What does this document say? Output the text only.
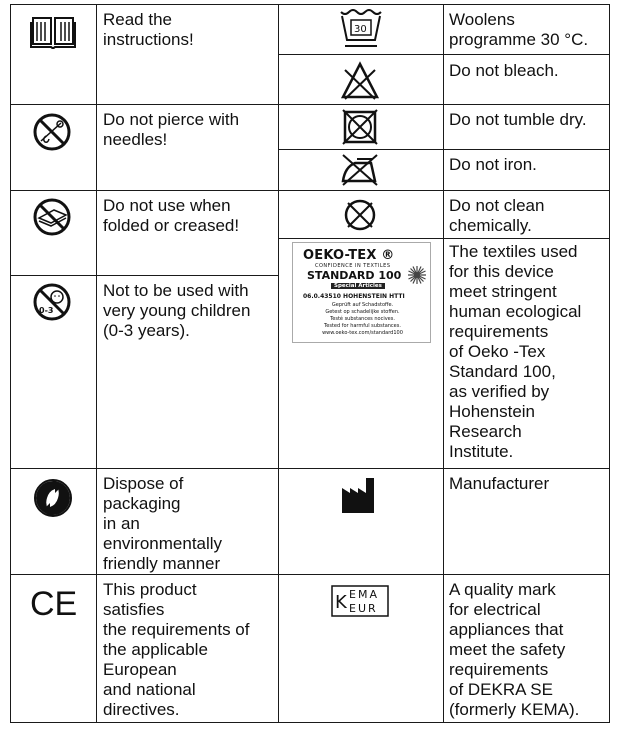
Read the
instructions!
Do not pierce with
needles!
Do not use when
folded or creased!
0-3
Not to be used with
very young children
(0-3 years).
Dispose of
packaging
in an
environmentally
friendly manner
CE This product
satisfies
the requirements of
the applicable
European
and national
directives.
30
Woolens
programme 30 °C.
Do not bleach.
Do not tumble dry.
Do not iron.
Do not clean
chemically.
OEKO-TEX ®
CONFIDENCE IN TEXTILES
STANDARD 100
Special Articles
06.0.43510 HOHENSTEIN HTTI
Geprüft auf Schadstoffe.
Getest op schadelijke stoffen.
Testé substances nocives.
Tested for harmful substances.
www.oeko-tex.com/standard100
The textiles used
for this device
meet stringent
human ecological
requirements
of Oeko -Tex
Standard 100,
as verified by
Hohenstein
Research
Institute.
Manufacturer
K EMA
EUR
A quality mark
for electrical
appliances that
meet the safety
requirements
of DEKRA SE
(formerly KEMA).
